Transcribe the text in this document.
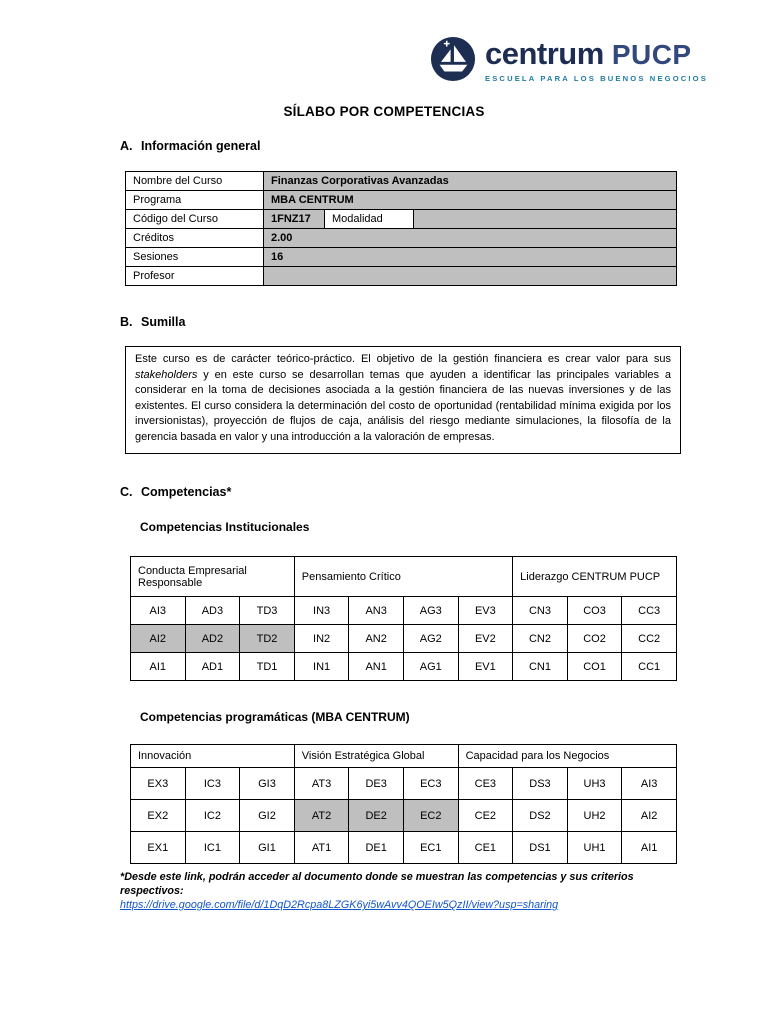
centrum PUCP
ESCUELA PARA LOS BUENOS NEGOCIOS
SÍLABO POR COMPETENCIAS
A. Información general
Nombre del Curso	Finanzas Corporativas Avanzadas		
Programa	MBA CENTRUM		
Código del Curso	1FNZ17	Modalidad	
Créditos	2.00		
Sesiones	16		
Profesor			
B. Sumilla
Este curso es de carácter teórico-práctico. El objetivo de la gestión financiera es crear valor para sus stakeholders y en este curso se desarrollan temas que ayuden a identificar las principales variables a considerar en la toma de decisiones asociada a la gestión financiera de las nuevas inversiones y de las existentes. El curso considera la determinación del costo de oportunidad (rentabilidad mínima exigida por los inversionistas), proyección de flujos de caja, análisis del riesgo mediante simulaciones, la filosofía de la gerencia basada en valor y una introducción a la valoración de empresas.
C. Competencias*
Competencias Institucionales
Conducta Empresarial Responsable			Pensamiento Crítico				Liderazgo CENTRUM PUCP		
AI3	AD3	TD3	IN3	AN3	AG3	EV3	CN3	CO3	CC3
AI2	AD2	TD2	IN2	AN2	AG2	EV2	CN2	CO2	CC2
AI1	AD1	TD1	IN1	AN1	AG1	EV1	CN1	CO1	CC1
Competencias programáticas (MBA CENTRUM)
Innovación			Visión Estratégica Global			Capacidad para los Negocios			
EX3	IC3	GI3	AT3	DE3	EC3	CE3	DS3	UH3	AI3
EX2	IC2	GI2	AT2	DE2	EC2	CE2	DS2	UH2	AI2
EX1	IC1	GI1	AT1	DE1	EC1	CE1	DS1	UH1	AI1
*Desde este link, podrán acceder al documento donde se muestran las competencias y sus criterios respectivos:
https://drive.google.com/file/d/1DqD2Rcpa8LZGK6yi5wAvv4QOEIw5QzII/view?usp=sharing
